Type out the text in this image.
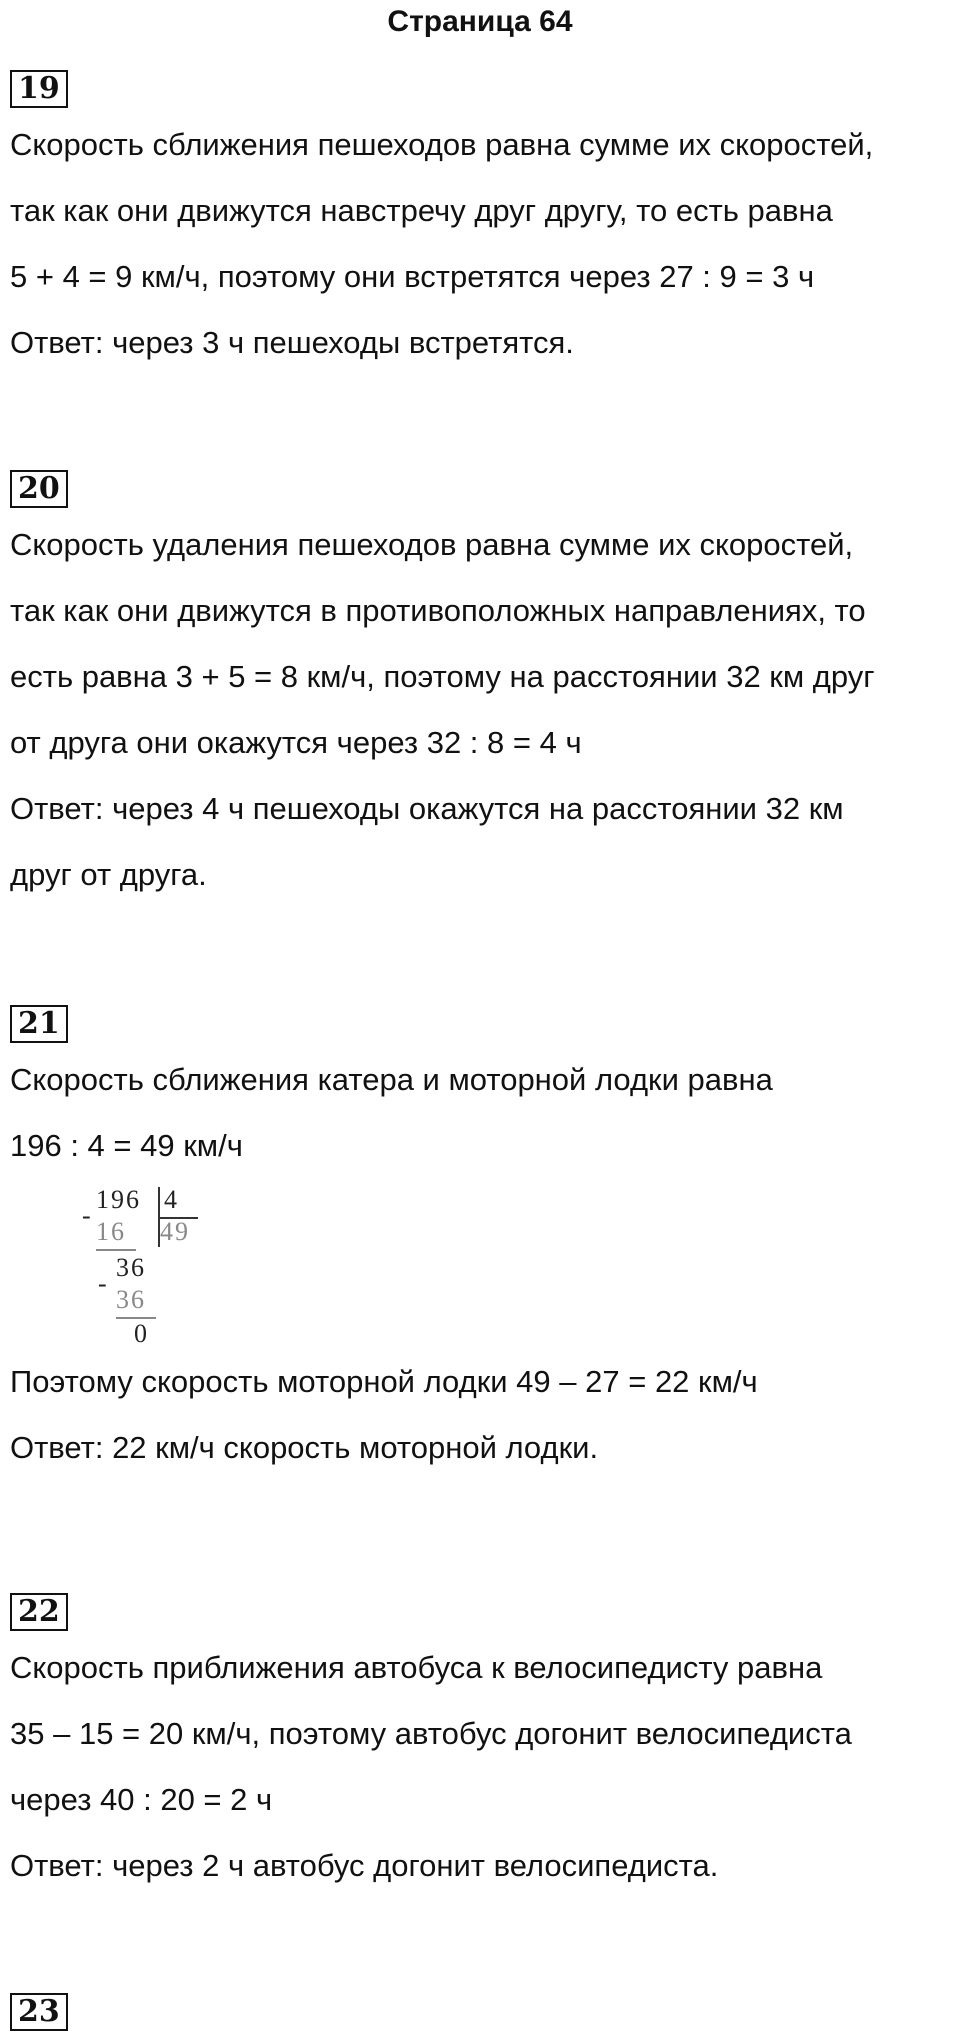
Страница 64
19
Скорость сближения пешеходов равна сумме их скоростей,
так как они движутся навстречу друг другу, то есть равна
5 + 4 = 9 км/ч, поэтому они встретятся через 27 : 9 = 3 ч
Ответ: через 3 ч пешеходы встретятся.
20
Скорость удаления пешеходов равна сумме их скоростей,
так как они движутся в противоположных направлениях, то
есть равна 3 + 5 = 8 км/ч, поэтому на расстоянии 32 км друг
от друга они окажутся через 32 : 8 = 4 ч
Ответ: через 4 ч пешеходы окажутся на расстоянии 32 км
друг от друга.
21
Скорость сближения катера и моторной лодки равна
196 : 4 = 49 км/ч
-
196 4
16 49
36
-
36
0
Поэтому скорость моторной лодки 49 – 27 = 22 км/ч
Ответ: 22 км/ч скорость моторной лодки.
22
Скорость приближения автобуса к велосипедисту равна
35 – 15 = 20 км/ч, поэтому автобус догонит велосипедиста
через 40 : 20 = 2 ч
Ответ: через 2 ч автобус догонит велосипедиста.
23
